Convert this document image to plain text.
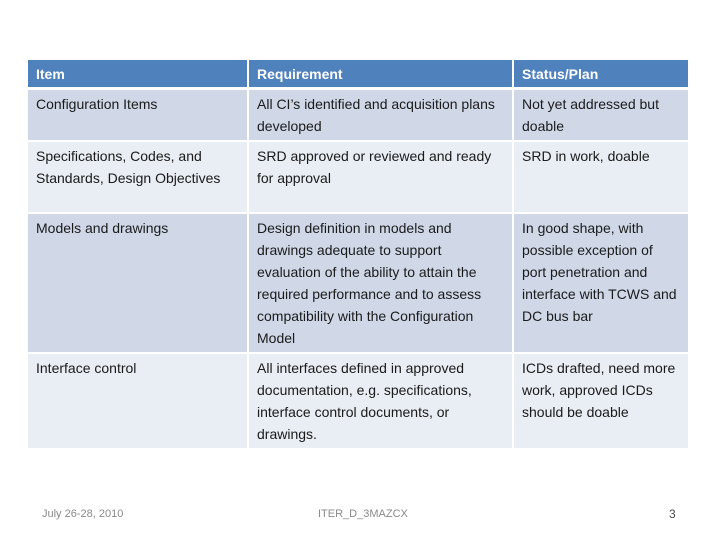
Item	Requirement	Status/Plan
Configuration Items	All CI’s identified and acquisition plans developed	Not yet addressed but doable
Specifications, Codes, and Standards, Design Objectives	SRD approved or reviewed and ready for approval	SRD in work, doable
Models and drawings	Design definition in models and drawings adequate to support evaluation of the ability to attain the required performance and to assess compatibility with the Configuration Model	In good shape, with possible exception of port penetration and interface with TCWS and DC bus bar
Interface control	All interfaces defined in approved documentation, e.g. specifications, interface control documents, or drawings.	ICDs drafted, need more work, approved ICDs should be doable
July 26-28, 2010	ITER_D_3MAZCX	3
